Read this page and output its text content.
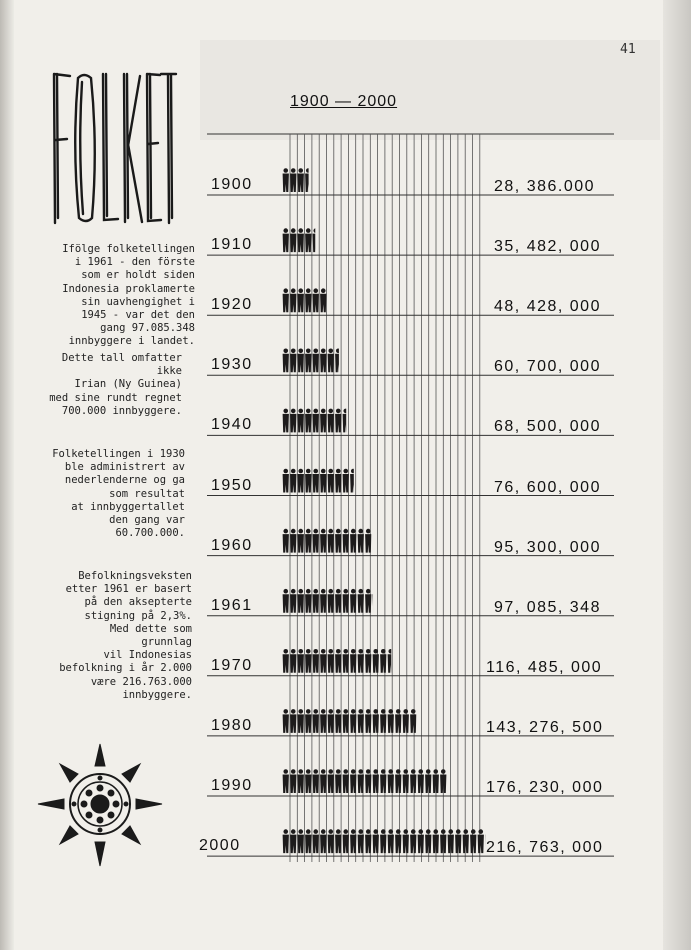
41
Ifölge folketellingen
i 1961 - den förste
som er holdt siden
Indonesia proklamerte
sin uavhengighet i
1945 - var det den
gang 97.085.348
innbyggere i landet.
Dette tall omfatter
ikke
Irian (Ny Guinea)
med sine rundt regnet
700.000 innbyggere.
Folketellingen i 1930
ble administrert av
nederlenderne og ga
som resultat
at innbyggertallet
den gang var
60.700.000.
Befolkningsveksten
etter 1961 er basert
på den aksepterte
stigning på 2,3%.
Med dette som
grunnlag
vil Indonesias
befolkning i år 2.000
være 216.763.000
innbyggere.
1900 — 2000
1900	28, 386.000
1910	35, 482, 000
1920	48, 428, 000
1930	60, 700, 000
1940	68, 500, 000
1950	76, 600, 000
1960	95, 300, 000
1961	97, 085, 348
1970	116, 485, 000
1980	143, 276, 500
1990	176, 230, 000
2000	216, 763, 000
